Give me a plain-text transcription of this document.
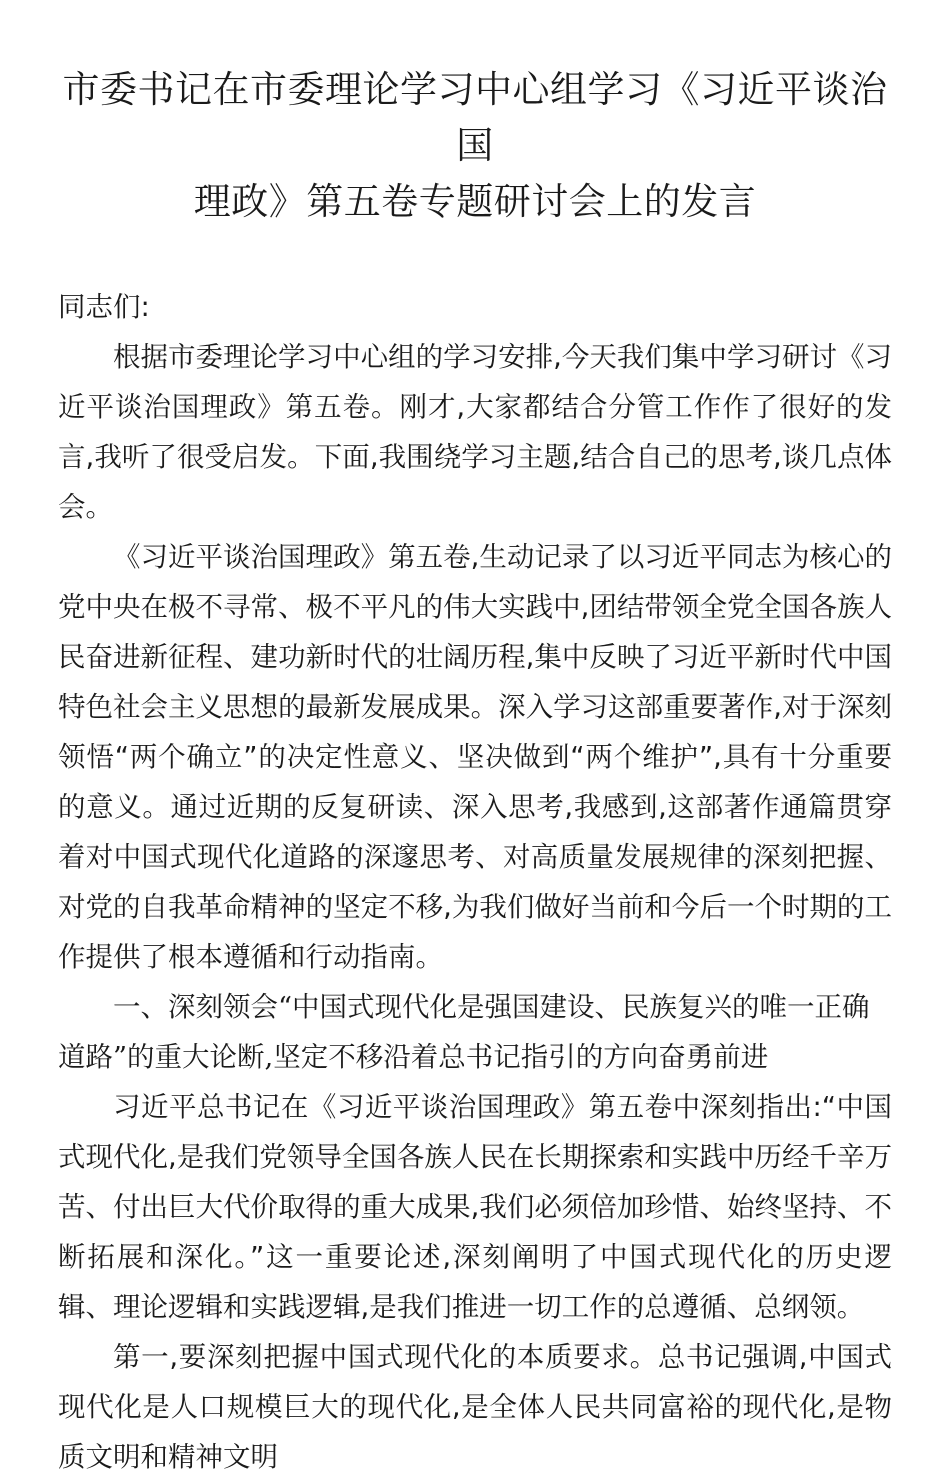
市委书记在市委理论学习中心组学习《习近平谈治国
理政》第五卷专题研讨会上的发言

同志们:

根据市委理论学习中心组的学习安排,今天我们集中学习研讨《习近平谈治国理政》第五卷。刚才,大家都结合分管工作作了很好的发言,我听了很受启发。下面,我围绕学习主题,结合自己的思考,谈几点体会。

《习近平谈治国理政》第五卷,生动记录了以习近平同志为核心的党中央在极不寻常、极不平凡的伟大实践中,团结带领全党全国各族人民奋进新征程、建功新时代的壮阔历程,集中反映了习近平新时代中国特色社会主义思想的最新发展成果。深入学习这部重要著作,对于深刻领悟“两个确立”的决定性意义、坚决做到“两个维护”,具有十分重要的意义。通过近期的反复研读、深入思考,我感到,这部著作通篇贯穿着对中国式现代化道路的深邃思考、对高质量发展规律的深刻把握、对党的自我革命精神的坚定不移,为我们做好当前和今后一个时期的工作提供了根本遵循和行动指南。

一、深刻领会“中国式现代化是强国建设、民族复兴的唯一正确道路”的重大论断,坚定不移沿着总书记指引的方向奋勇前进

习近平总书记在《习近平谈治国理政》第五卷中深刻指出:“中国式现代化,是我们党领导全国各族人民在长期探索和实践中历经千辛万苦、付出巨大代价取得的重大成果,我们必须倍加珍惜、始终坚持、不断拓展和深化。”这一重要论述,深刻阐明了中国式现代化的历史逻辑、理论逻辑和实践逻辑,是我们推进一切工作的总遵循、总纲领。

第一,要深刻把握中国式现代化的本质要求。总书记强调,中国式现代化是人口规模巨大的现代化,是全体人民共同富裕的现代化,是物质文明和精神文明
